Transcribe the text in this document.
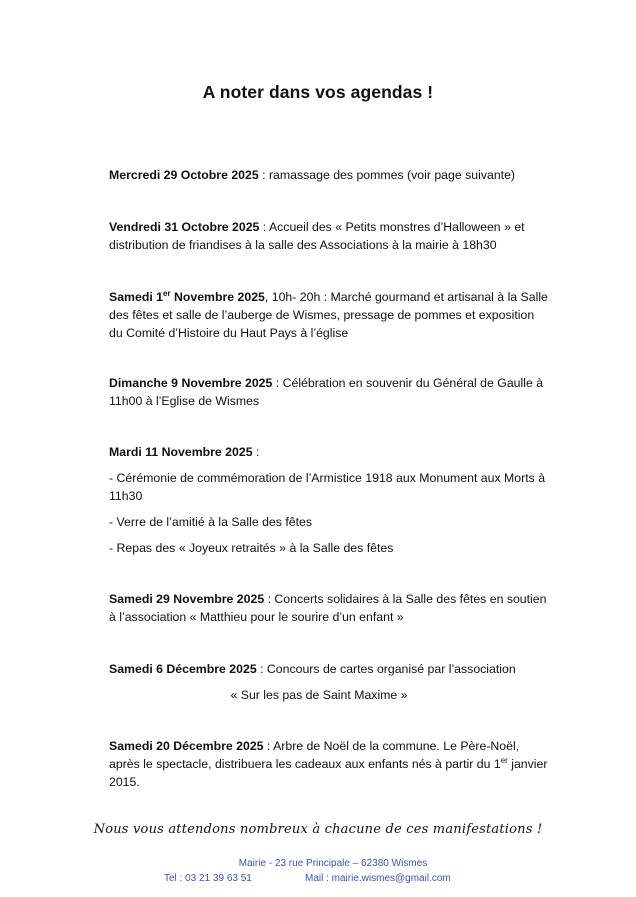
A noter dans vos agendas !

Mercredi 29 Octobre 2025 : ramassage des pommes (voir page suivante)

Vendredi 31 Octobre 2025 : Accueil des « Petits monstres d’Halloween » et distribution de friandises à la salle des Associations à la mairie à 18h30

Samedi 1er Novembre 2025, 10h- 20h : Marché gourmand et artisanal à la Salle des fêtes et salle de l’auberge de Wismes, pressage de pommes et exposition du Comité d’Histoire du Haut Pays à l’église

Dimanche 9 Novembre 2025 : Célébration en souvenir du Général de Gaulle à 11h00 à l’Eglise de Wismes

Mardi 11 Novembre 2025 :

- Cérémonie de commémoration de l’Armistice 1918 aux Monument aux Morts à 11h30

- Verre de l’amitié à la Salle des fêtes

- Repas des « Joyeux retraités » à la Salle des fêtes

Samedi 29 Novembre 2025 : Concerts solidaires à la Salle des fêtes en soutien à l’association « Matthieu pour le sourire d’un enfant »

Samedi 6 Décembre 2025 : Concours de cartes organisé par l’association

« Sur les pas de Saint Maxime »

Samedi 20 Décembre 2025 : Arbre de Noël de la commune. Le Père-Noël, après le spectacle, distribuera les cadeaux aux enfants nés à partir du 1er janvier 2015.

Nous vous attendons nombreux à chacune de ces manifestations !
Mairie - 23 rue Principale – 62380 Wismes
Tel : 03 21 39 63 51	Mail : mairie.wismes@gmail.com
